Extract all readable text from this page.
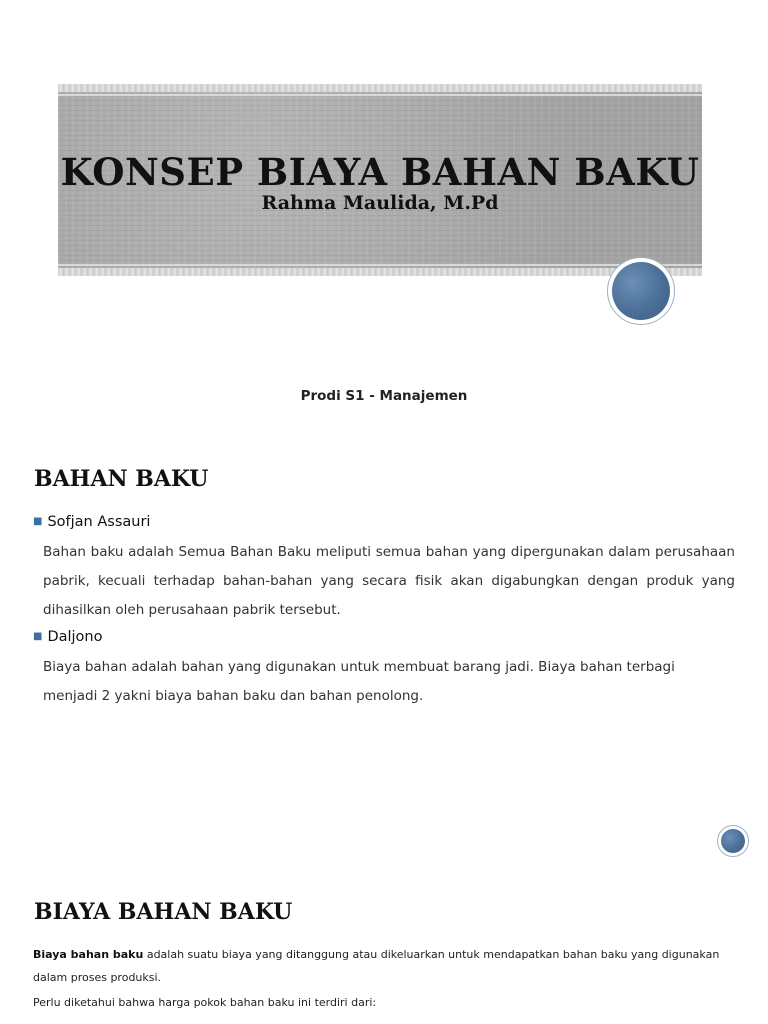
KONSEP BIAYA BAHAN BAKU
Rahma Maulida, M.Pd
Prodi S1 - Manajemen
BAHAN BAKU
■ Sofjan Assauri
Bahan baku adalah Semua Bahan Baku meliputi semua bahan yang dipergunakan dalam perusahaan pabrik, kecuali terhadap bahan-bahan yang secara fisik akan digabungkan dengan produk yang dihasilkan oleh perusahaan pabrik tersebut.
■ Daljono
Biaya bahan adalah bahan yang digunakan untuk membuat barang jadi. Biaya bahan terbagi menjadi 2 yakni biaya bahan baku dan bahan penolong.
BIAYA BAHAN BAKU
Biaya bahan baku adalah suatu biaya yang ditanggung atau dikeluarkan untuk mendapatkan bahan baku yang digunakan dalam proses produksi.
Perlu diketahui bahwa harga pokok bahan baku ini terdiri dari:
